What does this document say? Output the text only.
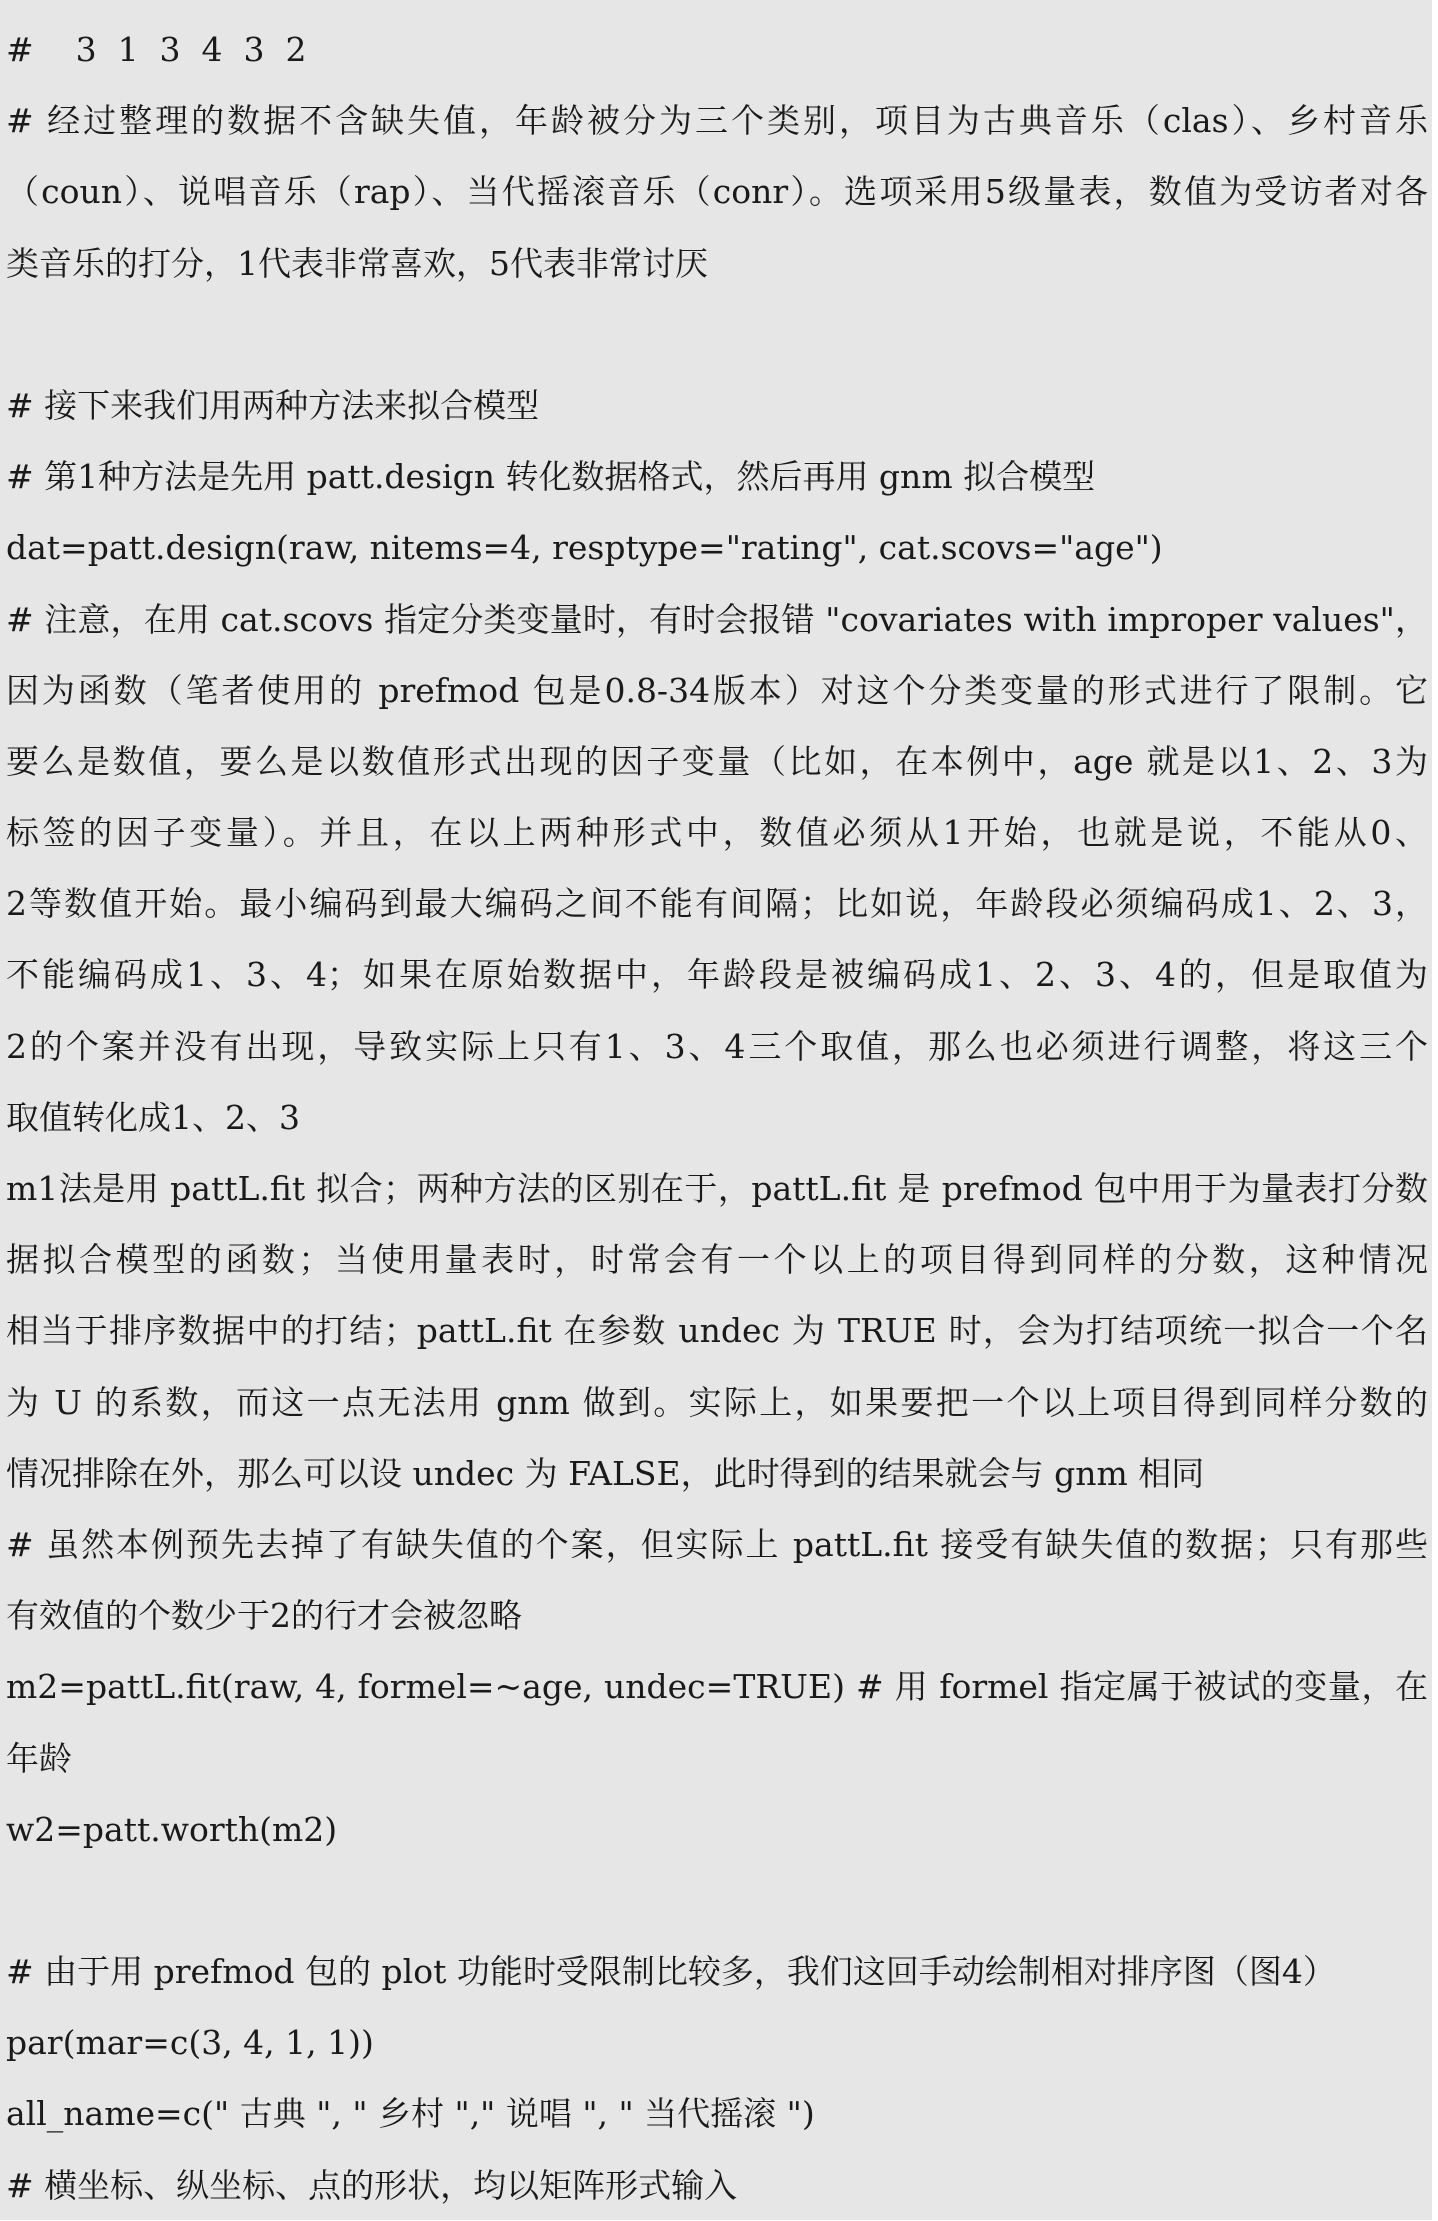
#    3  1  3  4  3  2
# 经过整理的数据不含缺失值，年龄被分为三个类别，项目为古典音乐（clas）、乡村音乐
（coun）、说唱音乐（rap）、当代摇滚音乐（conr）。选项采用5级量表，数值为受访者对各
类音乐的打分，1代表非常喜欢，5代表非常讨厌
# 接下来我们用两种方法来拟合模型
# 第1种方法是先用 patt.design 转化数据格式，然后再用 gnm 拟合模型
dat=patt.design(raw, nitems=4, resptype="rating", cat.scovs="age")
# 注意，在用 cat.scovs 指定分类变量时，有时会报错 "covariates with improper values"，
因为函数（笔者使用的 prefmod 包是0.8-34版本）对这个分类变量的形式进行了限制。它
要么是数值，要么是以数值形式出现的因子变量（比如，在本例中，age 就是以1、2、3为
标签的因子变量）。并且，在以上两种形式中，数值必须从1开始，也就是说，不能从0、
2等数值开始。最小编码到最大编码之间不能有间隔；比如说，年龄段必须编码成1、2、3，
不能编码成1、3、4；如果在原始数据中，年龄段是被编码成1、2、3、4的，但是取值为
2的个案并没有出现，导致实际上只有1、3、4三个取值，那么也必须进行调整，将这三个
取值转化成1、2、3
m1法是用 pattL.fit 拟合；两种方法的区别在于，pattL.fit 是 prefmod 包中用于为量表打分数
据拟合模型的函数；当使用量表时，时常会有一个以上的项目得到同样的分数，这种情况
相当于排序数据中的打结；pattL.fit 在参数 undec 为 TRUE 时，会为打结项统一拟合一个名
为 U 的系数，而这一点无法用 gnm 做到。实际上，如果要把一个以上项目得到同样分数的
情况排除在外，那么可以设 undec 为 FALSE，此时得到的结果就会与 gnm 相同
# 虽然本例预先去掉了有缺失值的个案，但实际上 pattL.fit 接受有缺失值的数据；只有那些
有效值的个数少于2的行才会被忽略
m2=pattL.fit(raw, 4, formel=~age, undec=TRUE) # 用 formel 指定属于被试的变量，在
年龄
w2=patt.worth(m2)
# 由于用 prefmod 包的 plot 功能时受限制比较多，我们这回手动绘制相对排序图（图4）
par(mar=c(3, 4, 1, 1))
all_name=c(" 古典 ", " 乡村 "," 说唱 ", " 当代摇滚 ")
# 横坐标、纵坐标、点的形状，均以矩阵形式输入
